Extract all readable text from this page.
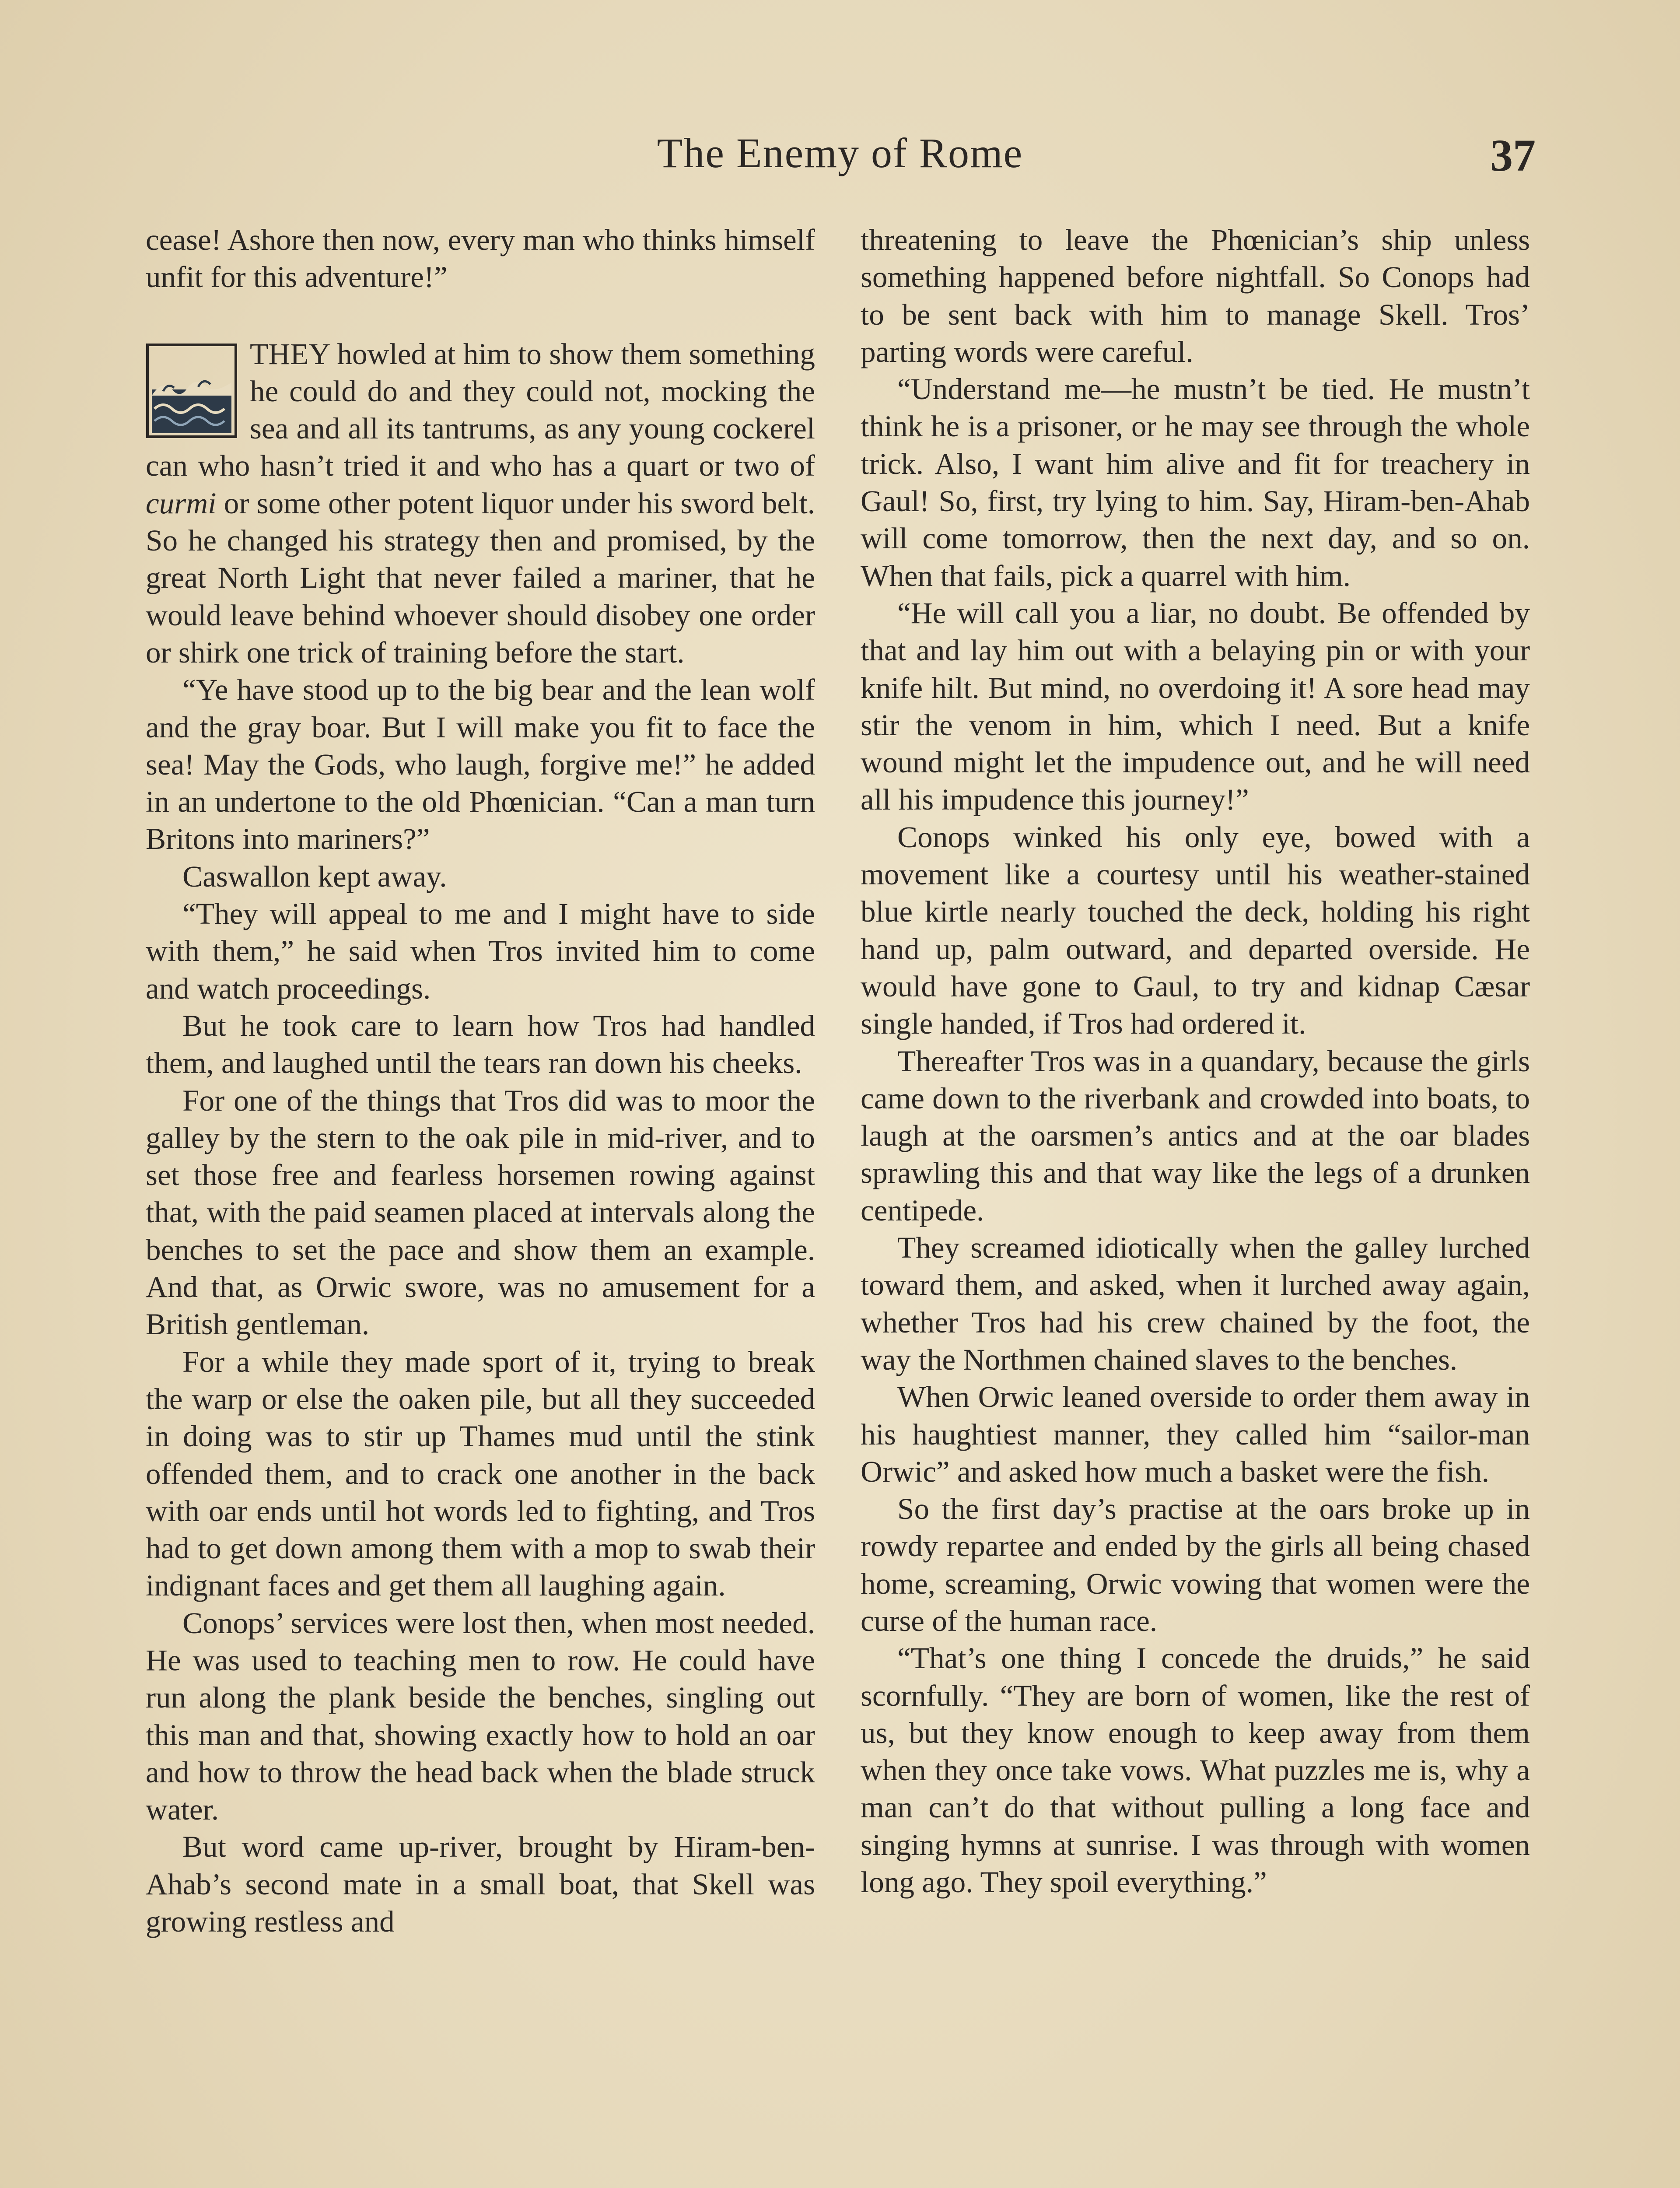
The Enemy of Rome	37

cease! Ashore then now, every man who thinks himself unfit for this adventure!”

THEY howled at him to show them something he could do and they could not, mocking the sea and all its tantrums, as any young cockerel can who hasn’t tried it and who has a quart or two of curmi or some other potent liquor under his sword belt. So he changed his strategy then and promised, by the great North Light that never failed a mariner, that he would leave behind whoever should disobey one order or shirk one trick of training before the start.

“Ye have stood up to the big bear and the lean wolf and the gray boar. But I will make you fit to face the sea! May the Gods, who laugh, forgive me!” he added in an undertone to the old Phœnician. “Can a man turn Britons into mariners?”

Caswallon kept away.

“They will appeal to me and I might have to side with them,” he said when Tros invited him to come and watch proceedings.

But he took care to learn how Tros had handled them, and laughed until the tears ran down his cheeks.

For one of the things that Tros did was to moor the galley by the stern to the oak pile in mid-river, and to set those free and fearless horsemen rowing against that, with the paid seamen placed at intervals along the benches to set the pace and show them an example. And that, as Orwic swore, was no amusement for a British gentleman.

For a while they made sport of it, trying to break the warp or else the oaken pile, but all they succeeded in doing was to stir up Thames mud until the stink offended them, and to crack one another in the back with oar ends until hot words led to fighting, and Tros had to get down among them with a mop to swab their indignant faces and get them all laughing again.

Conops’ services were lost then, when most needed. He was used to teaching men to row. He could have run along the plank beside the benches, singling out this man and that, showing exactly how to hold an oar and how to throw the head back when the blade struck water.

But word came up-river, brought by Hiram-ben-Ahab’s second mate in a small boat, that Skell was growing restless and

threatening to leave the Phœnician’s ship unless something happened before nightfall. So Conops had to be sent back with him to manage Skell. Tros’ parting words were careful.

“Understand me—he mustn’t be tied. He mustn’t think he is a prisoner, or he may see through the whole trick. Also, I want him alive and fit for treachery in Gaul! So, first, try lying to him. Say, Hiram-ben-Ahab will come tomorrow, then the next day, and so on. When that fails, pick a quarrel with him.

“He will call you a liar, no doubt. Be offended by that and lay him out with a belaying pin or with your knife hilt. But mind, no overdoing it! A sore head may stir the venom in him, which I need. But a knife wound might let the impudence out, and he will need all his impudence this journey!”

Conops winked his only eye, bowed with a movement like a courtesy until his weather-stained blue kirtle nearly touched the deck, holding his right hand up, palm outward, and departed overside. He would have gone to Gaul, to try and kidnap Cæsar single handed, if Tros had ordered it.

Thereafter Tros was in a quandary, because the girls came down to the riverbank and crowded into boats, to laugh at the oarsmen’s antics and at the oar blades sprawling this and that way like the legs of a drunken centipede.

They screamed idiotically when the galley lurched toward them, and asked, when it lurched away again, whether Tros had his crew chained by the foot, the way the Northmen chained slaves to the benches.

When Orwic leaned overside to order them away in his haughtiest manner, they called him “sailor-man Orwic” and asked how much a basket were the fish.

So the first day’s practise at the oars broke up in rowdy repartee and ended by the girls all being chased home, screaming, Orwic vowing that women were the curse of the human race.

“That’s one thing I concede the druids,” he said scornfully. “They are born of women, like the rest of us, but they know enough to keep away from them when they once take vows. What puzzles me is, why a man can’t do that without pulling a long face and singing hymns at sunrise. I was through with women long ago. They spoil everything.”
